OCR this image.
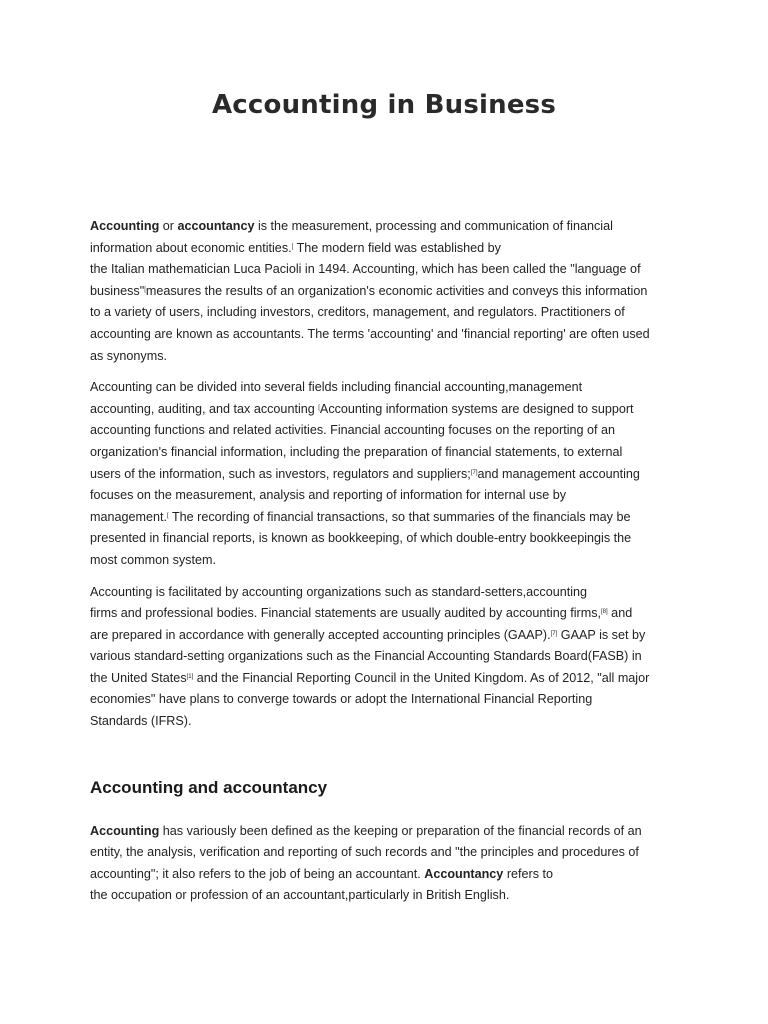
Accounting in Business

Accounting or accountancy is the measurement, processing and communication of financial
information about economic entities.[ The modern field was established by
the Italian mathematician Luca Pacioli in 1494. Accounting, which has been called the "language of
business"[measures the results of an organization's economic activities and conveys this information
to a variety of users, including investors, creditors, management, and regulators. Practitioners of
accounting are known as accountants. The terms 'accounting' and 'financial reporting' are often used
as synonyms.

Accounting can be divided into several fields including financial accounting,management
accounting, auditing, and tax accounting [Accounting information systems are designed to support
accounting functions and related activities. Financial accounting focuses on the reporting of an
organization's financial information, including the preparation of financial statements, to external
users of the information, such as investors, regulators and suppliers;[7]and management accounting
focuses on the measurement, analysis and reporting of information for internal use by
management.[ The recording of financial transactions, so that summaries of the financials may be
presented in financial reports, is known as bookkeeping, of which double-entry bookkeepingis the
most common system.

Accounting is facilitated by accounting organizations such as standard-setters,accounting
firms and professional bodies. Financial statements are usually audited by accounting firms,[8] and
are prepared in accordance with generally accepted accounting principles (GAAP).[7] GAAP is set by
various standard-setting organizations such as the Financial Accounting Standards Board(FASB) in
the United States[1] and the Financial Reporting Council in the United Kingdom. As of 2012, "all major
economies" have plans to converge towards or adopt the International Financial Reporting
Standards (IFRS).

Accounting and accountancy

Accounting has variously been defined as the keeping or preparation of the financial records of an
entity, the analysis, verification and reporting of such records and "the principles and procedures of
accounting"; it also refers to the job of being an accountant. Accountancy refers to
the occupation or profession of an accountant,particularly in British English.
